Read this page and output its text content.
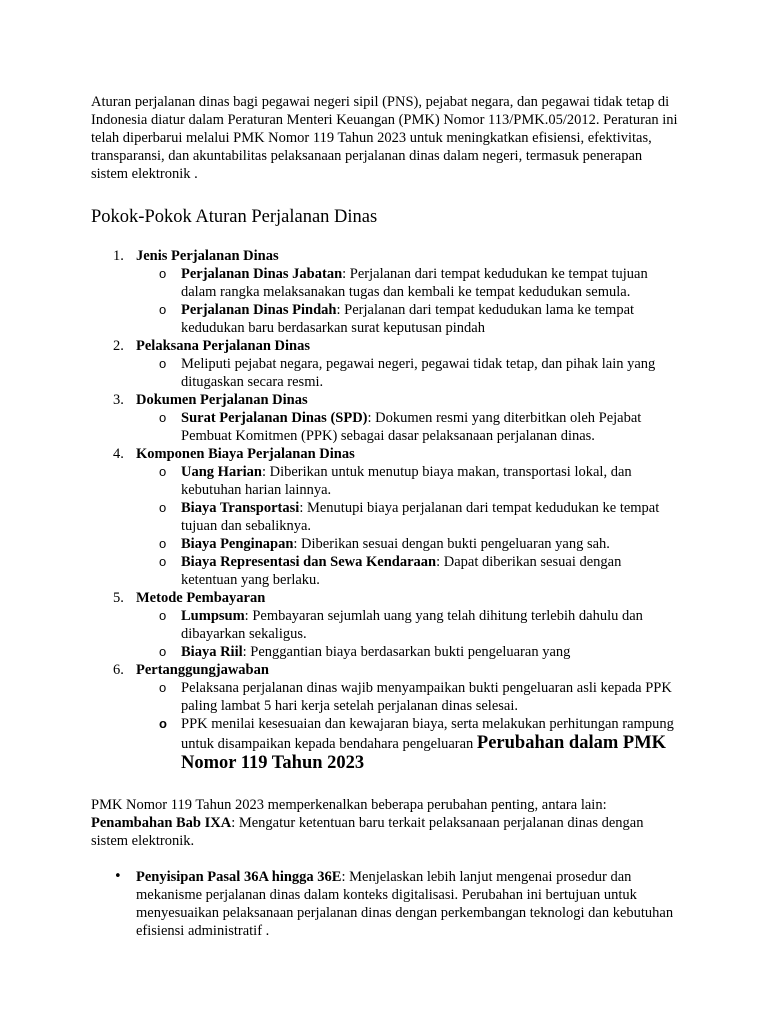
Aturan perjalanan dinas bagi pegawai negeri sipil (PNS), pejabat negara, dan pegawai tidak tetap di Indonesia diatur dalam Peraturan Menteri Keuangan (PMK) Nomor 113/PMK.05/2012. Peraturan ini telah diperbarui melalui PMK Nomor 119 Tahun 2023 untuk meningkatkan efisiensi, efektivitas, transparansi, dan akuntabilitas pelaksanaan perjalanan dinas dalam negeri, termasuk penerapan sistem elektronik .

Pokok-Pokok Aturan Perjalanan Dinas
1. Jenis Perjalanan Dinas
o Perjalanan Dinas Jabatan: Perjalanan dari tempat kedudukan ke tempat tujuan dalam rangka melaksanakan tugas dan kembali ke tempat kedudukan semula.
o Perjalanan Dinas Pindah: Perjalanan dari tempat kedudukan lama ke tempat kedudukan baru berdasarkan surat keputusan pindah
2. Pelaksana Perjalanan Dinas
o Meliputi pejabat negara, pegawai negeri, pegawai tidak tetap, dan pihak lain yang ditugaskan secara resmi.
3. Dokumen Perjalanan Dinas
o Surat Perjalanan Dinas (SPD): Dokumen resmi yang diterbitkan oleh Pejabat Pembuat Komitmen (PPK) sebagai dasar pelaksanaan perjalanan dinas.
4. Komponen Biaya Perjalanan Dinas
o Uang Harian: Diberikan untuk menutup biaya makan, transportasi lokal, dan kebutuhan harian lainnya.
o Biaya Transportasi: Menutupi biaya perjalanan dari tempat kedudukan ke tempat tujuan dan sebaliknya.
o Biaya Penginapan: Diberikan sesuai dengan bukti pengeluaran yang sah.
o Biaya Representasi dan Sewa Kendaraan: Dapat diberikan sesuai dengan ketentuan yang berlaku.
5. Metode Pembayaran
o Lumpsum: Pembayaran sejumlah uang yang telah dihitung terlebih dahulu dan dibayarkan sekaligus.
o Biaya Riil: Penggantian biaya berdasarkan bukti pengeluaran yang
6. Pertanggungjawaban
o Pelaksana perjalanan dinas wajib menyampaikan bukti pengeluaran asli kepada PPK paling lambat 5 hari kerja setelah perjalanan dinas selesai.
o PPK menilai kesesuaian dan kewajaran biaya, serta melakukan perhitungan rampung untuk disampaikan kepada bendahara pengeluaran Perubahan dalam PMK Nomor 119 Tahun 2023

PMK Nomor 119 Tahun 2023 memperkenalkan beberapa perubahan penting, antara lain:

Penambahan Bab IXA: Mengatur ketentuan baru terkait pelaksanaan perjalanan dinas dengan sistem elektronik.

• Penyisipan Pasal 36A hingga 36E: Menjelaskan lebih lanjut mengenai prosedur dan mekanisme perjalanan dinas dalam konteks digitalisasi. Perubahan ini bertujuan untuk menyesuaikan pelaksanaan perjalanan dinas dengan perkembangan teknologi dan kebutuhan efisiensi administratif .
